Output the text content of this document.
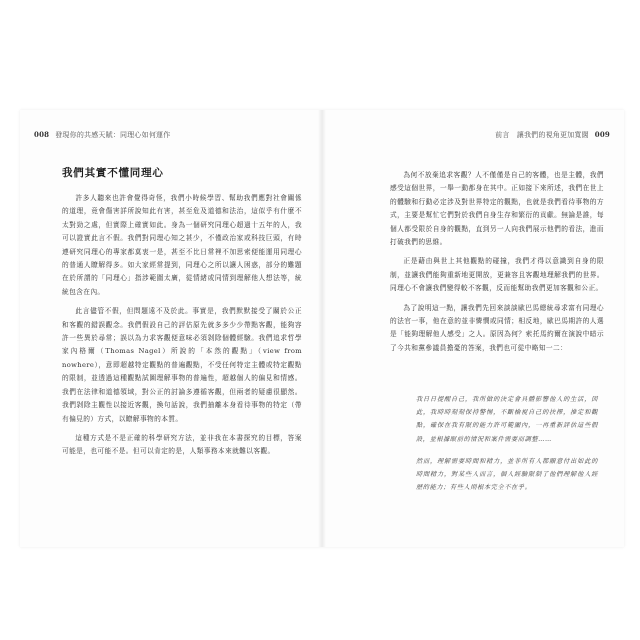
008 發現你的共感天賦：同理心如何運作
我們其實不懂同理心

許多人聽來也許會覺得奇怪，我們小時候學習、幫助我們應對社會關係的道理，竟會傷害詳所說知此有害，甚至危及道德和法治，這似乎有什麼不太對勁之處，但實際上確實如此。身為一個研究同理心超過十五年的人，我可以證實此言不假。我們對同理心知之甚少，不僅政治家或科技巨頭，有時連研究同理心的專家都莫衷一是，甚至不比日常裡不加思索便能運用同理心的普通人瞭解得多。如大家經常提到，同理心之所以讓人困惑，部分的難題在於所謂的「同理心」指涉範圍太廣，從情緒或同情到理解他人想法等，統統包含在內。

此言儘管不假，但問題遠不及於此。事實是，我們默默接受了關於公正和客觀的錯誤觀念。我們假設自己的評估原先就多多少少帶點客觀，能夠容許一些異於尋常；誤以為力求客觀便意味必須剝除個體經驗。我們追求哲學家內格爾（Thomas Nagel）所說的「本然的觀點」（view from nowhere），意即超越特定觀點的普遍觀點，不受任何特定主體或特定觀點的限制，並透過這種觀點試圖理解事物的普遍性，超越個人的偏見和情感。我們在法律和道德領域，對公正的討論多遵循客觀，但兩者的疑慮很顯然。我們剝除主觀性以接近客觀，換句話說，我們抽離本身看待事物的特定（帶有偏見的）方式，以瞭解事物的本質。

這種方式是不是正確的科學研究方法，並非我在本書探究的目標，答案可能是，也可能不是。但可以肯定的是，人類事務本來就難以客觀。

前言　讓我們的視角更加寬闊 009

為何不放棄追求客觀？人不僅僅是自己的客體，也是主體，我們感受這個世界，一舉一動都身在其中。正如接下來所述，我們在世上的體驗和行動必定涉及對世界特定的觀點，也就是我們看待事物的方式，主要是幫忙它們對於我們自身生存和繁衍的貢獻。無論是誰，每個人都受限於自身的觀點，直到另一人向我們展示他們的看法，進而打破我們的思維。

正是藉由與世上其他觀點的碰撞，我們才得以意識到自身的限制，並讓我們能夠重新地更開放，更兼容且客觀地理解我們的世界。同理心不會讓我們變得較不客觀，反而能幫助我們更加客觀和公正。

為了說明這一點，讓我們先回來談談歐巴馬總統尋求富有同理心的法官一事，他在意的並非憐憫或同情；相反地，歐巴馬期許的人選是「能夠理解他人感受」之人。原因為何？索托馬約爾在演說中暗示了今共和黨參議員擔憂的答案，我們也可從中略知一二：

我日日提醒自己，我所做的決定會具體影響他人的生活，因此，我時時刻刻保持警惕，不斷檢視自己的抉擇，推定和觀點，確保在我有限的能力許可範圍內，一再重新評估這些假設，並根據眼前的情況和案件需要而調整……

然而，理解需要時間和精力，並非所有人都願意付出如此的時間精力，對某些人而言，個人經驗限制了他們理解他人經歷的能力；有些人則根本完全不在乎。
